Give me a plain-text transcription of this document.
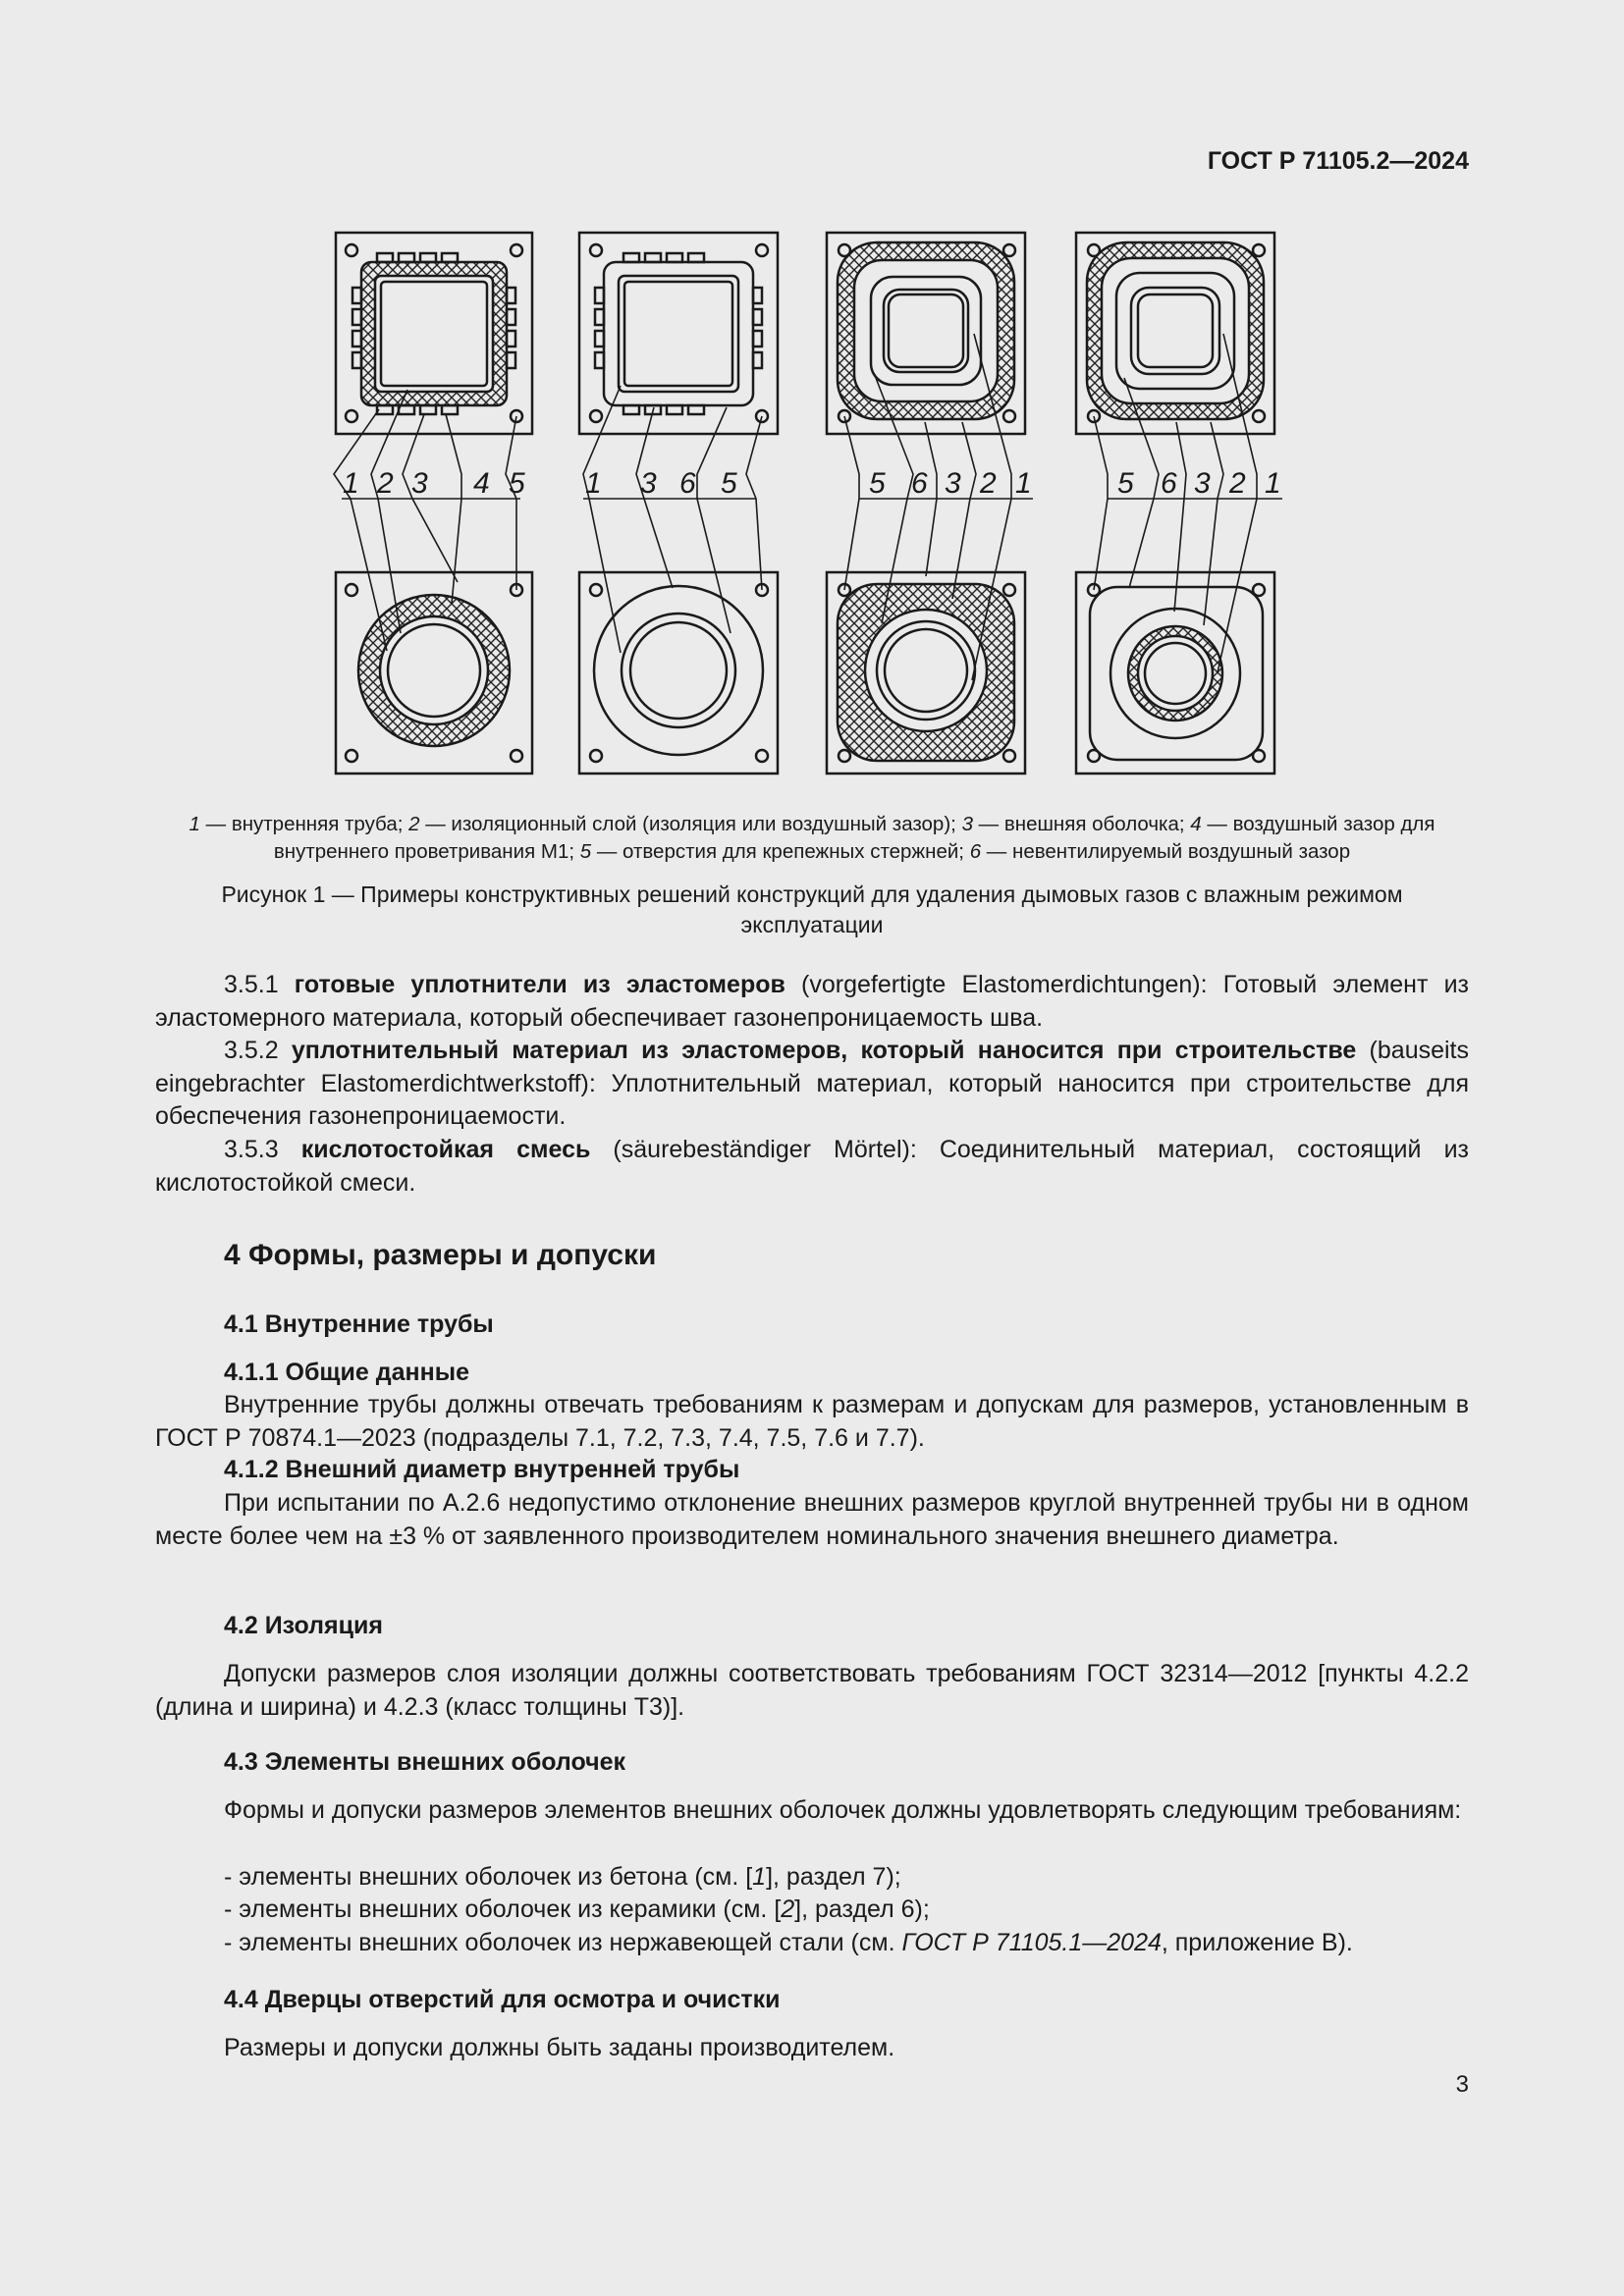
ГОСТ Р 71105.2—2024
1 2 3 4 5 1 3 6 5	5 6 3 2 1	5 6 3 2 1
1 — внутренняя труба; 2 — изоляционный слой (изоляция или воздушный зазор); 3 — внешняя оболочка; 4 — воздушный зазор для внутреннего проветривания М1; 5 — отверстия для крепежных стержней; 6 — невентилируемый воздушный зазор
Рисунок 1 — Примеры конструктивных решений конструкций для удаления дымовых газов с влажным режимом эксплуатации

3.5.1 готовые уплотнители из эластомеров (vorgefertigte Elastomerdichtungen): Готовый элемент из эластомерного материала, который обеспечивает газонепроницаемость шва.

3.5.2 уплотнительный материал из эластомеров, который наносится при строительстве (bauseits eingebrachter Elastomerdichtwerkstoff): Уплотнительный материал, который наносится при строительстве для обеспечения газонепроницаемости.

3.5.3 кислотостойкая смесь (säurebeständiger Mörtel): Соединительный материал, состоящий из кислотостойкой смеси.

4 Формы, размеры и допуски
4.1 Внутренние трубы
4.1.1 Общие данные

Внутренние трубы должны отвечать требованиям к размерам и допускам для размеров, установленным в ГОСТ Р 70874.1—2023 (подразделы 7.1, 7.2, 7.3, 7.4, 7.5, 7.6 и 7.7).

4.1.2 Внешний диаметр внутренней трубы

При испытании по А.2.6 недопустимо отклонение внешних размеров круглой внутренней трубы ни в одном месте более чем на ±3 % от заявленного производителем номинального значения внешнего диаметра.

4.2 Изоляция

Допуски размеров слоя изоляции должны соответствовать требованиям ГОСТ 32314—2012 [пункты 4.2.2 (длина и ширина) и 4.2.3 (класс толщины Т3)].

4.3 Элементы внешних оболочек

Формы и допуски размеров элементов внешних оболочек должны удовлетворять следующим требованиям:

- элементы внешних оболочек из бетона (см. [1], раздел 7);
- элементы внешних оболочек из керамики (см. [2], раздел 6);
- элементы внешних оболочек из нержавеющей стали (см. ГОСТ Р 71105.1—2024, приложение В).
4.4 Дверцы отверстий для осмотра и очистки

Размеры и допуски должны быть заданы производителем.

3
